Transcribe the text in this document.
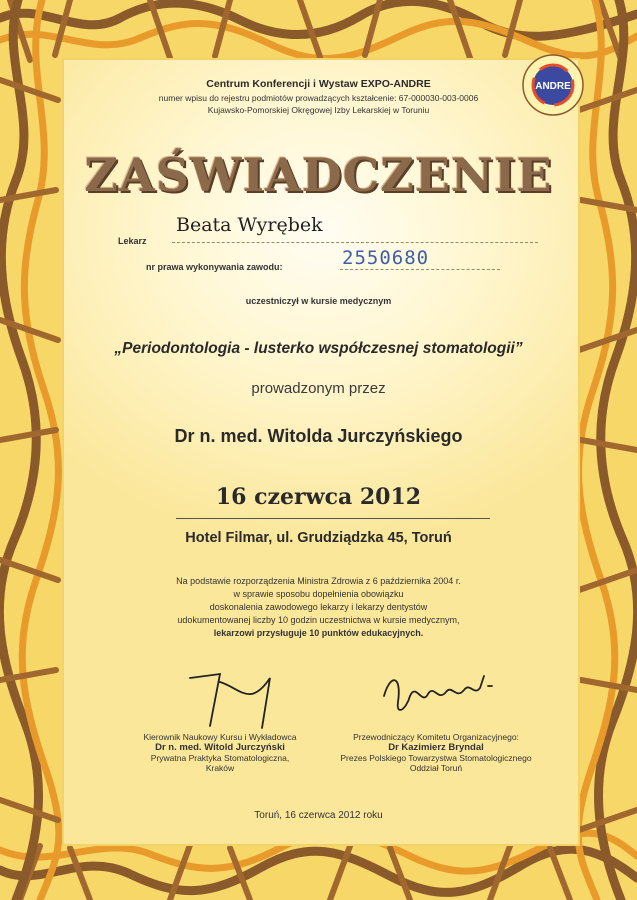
ANDRE
Centrum Konferencji i Wystaw EXPO-ANDRE
numer wpisu do rejestru podmiotów prowadzących kształcenie: 67-000030-003-0006
Kujawsko-Pomorskiej Okręgowej Izby Lekarskiej w Toruniu
ZAŚWIADCZENIE
Lekarz
Beata Wyrębek
nr prawa wykonywania zawodu:	2550680
uczestniczył w kursie medycznym
„Periodontologia - lusterko współczesnej stomatologii”
prowadzonym przez
Dr n. med. Witolda Jurczyńskiego
16 czerwca 2012
Hotel Filmar, ul. Grudziądzka 45, Toruń
Na podstawie rozporządzenia Ministra Zdrowia z 6 października 2004 r.
w sprawie sposobu dopełnienia obowiązku
doskonalenia zawodowego lekarzy i lekarzy dentystów
udokumentowanej liczby 10 godzin uczestnictwa w kursie medycznym,
lekarzowi przysługuje 10 punktów edukacyjnych.
Kierownik Naukowy Kursu i Wykładowca
Dr n. med. Witold Jurczyński
Prywatna Praktyka Stomatologiczna,
Kraków
Przewodniczący Komitetu Organizacyjnego:
Dr Kazimierz Bryndal
Prezes Polskiego Towarzystwa Stomatologicznego
Oddział Toruń
Toruń, 16 czerwca 2012 roku
